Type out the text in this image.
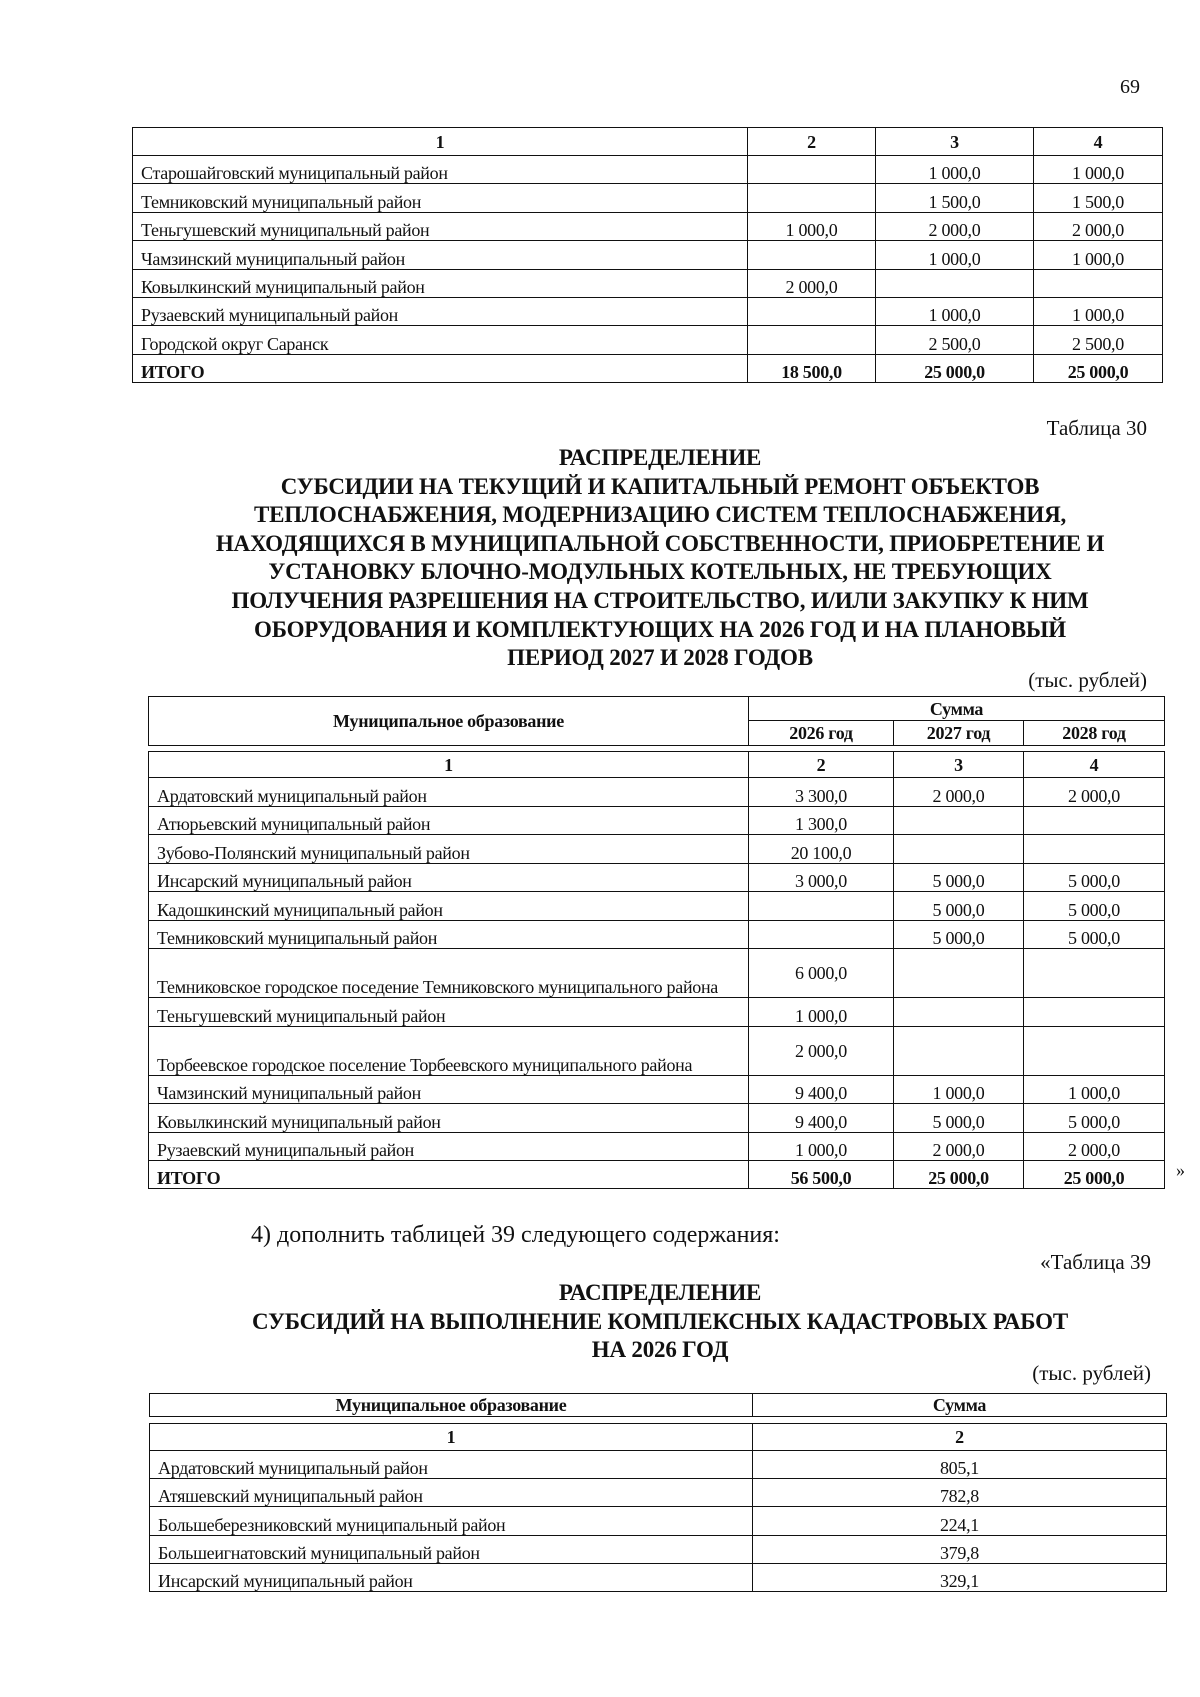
69
1	2	3	4
Старошайговский муниципальный район		1 000,0	1 000,0
Темниковский муниципальный район		1 500,0	1 500,0
Теньгушевский муниципальный район	1 000,0	2 000,0	2 000,0
Чамзинский муниципальный район		1 000,0	1 000,0
Ковылкинский муниципальный район	2 000,0		
Рузаевский муниципальный район		1 000,0	1 000,0
Городской округ Саранск		2 500,0	2 500,0
ИТОГО	18 500,0	25 000,0	25 000,0
Таблица 30
РАСПРЕДЕЛЕНИЕ
СУБСИДИИ НА ТЕКУЩИЙ И КАПИТАЛЬНЫЙ РЕМОНТ ОБЪЕКТОВ
ТЕПЛОСНАБЖЕНИЯ, МОДЕРНИЗАЦИЮ СИСТЕМ ТЕПЛОСНАБЖЕНИЯ,
НАХОДЯЩИХСЯ В МУНИЦИПАЛЬНОЙ СОБСТВЕННОСТИ, ПРИОБРЕТЕНИЕ И
УСТАНОВКУ БЛОЧНО-МОДУЛЬНЫХ КОТЕЛЬНЫХ, НЕ ТРЕБУЮЩИХ
ПОЛУЧЕНИЯ РАЗРЕШЕНИЯ НА СТРОИТЕЛЬСТВО, И/ИЛИ ЗАКУПКУ К НИМ
ОБОРУДОВАНИЯ И КОМПЛЕКТУЮЩИХ НА 2026 ГОД И НА ПЛАНОВЫЙ
ПЕРИОД 2027 И 2028 ГОДОВ
(тыс. рублей)
Муниципальное образование	Сумма		
	2026 год	2027 год	2028 год
1	2	3	4
Ардатовский муниципальный район	3 300,0	2 000,0	2 000,0
Атюрьевский муниципальный район	1 300,0		
Зубово-Полянский муниципальный район	20 100,0		
Инсарский муниципальный район	3 000,0	5 000,0	5 000,0
Кадошкинский муниципальный район		5 000,0	5 000,0
Темниковский муниципальный район		5 000,0	5 000,0
Темниковское городское поседение Темниковского муниципального района	6 000,0		
Теньгушевский муниципальный район	1 000,0		
Торбеевское городское поселение Торбеевского муниципального района	2 000,0		
Чамзинский муниципальный район	9 400,0	1 000,0	1 000,0
Ковылкинский муниципальный район	9 400,0	5 000,0	5 000,0
Рузаевский муниципальный район	1 000,0	2 000,0	2 000,0
ИТОГО	56 500,0	25 000,0	25 000,0	»
4) дополнить таблицей 39 следующего содержания:
«Таблица 39
РАСПРЕДЕЛЕНИЕ
СУБСИДИЙ НА ВЫПОЛНЕНИЕ КОМПЛЕКСНЫХ КАДАСТРОВЫХ РАБОТ
НА 2026 ГОД
(тыс. рублей)
Муниципальное образование	Сумма
1	2
Ардатовский муниципальный район	805,1
Атяшевский муниципальный район	782,8
Большеберезниковский муниципальный район	224,1
Большеигнатовский муниципальный район	379,8
Инсарский муниципальный район	329,1
